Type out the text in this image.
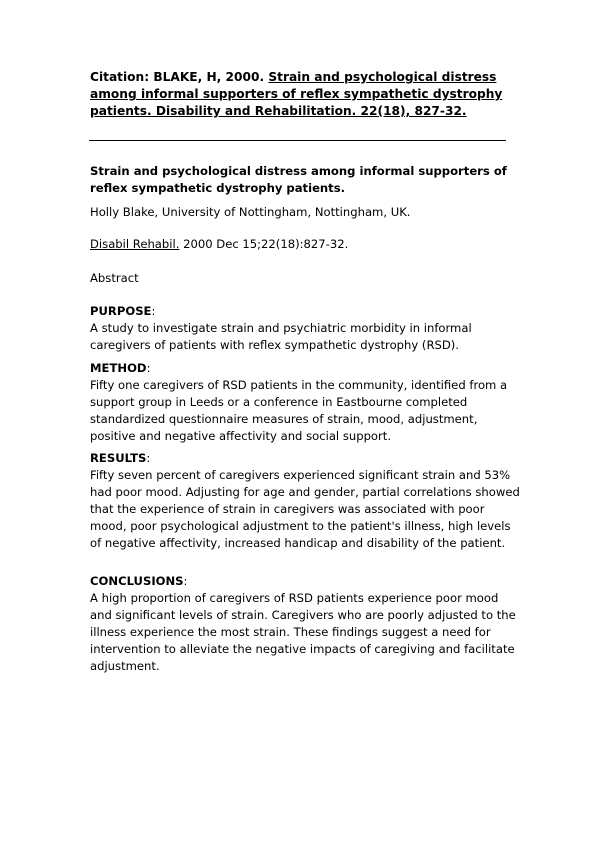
Citation: BLAKE, H, 2000. Strain and psychological distress among informal supporters of reflex sympathetic dystrophy patients. Disability and Rehabilitation. 22(18), 827-32.
Strain and psychological distress among informal supporters of reflex sympathetic dystrophy patients.
Holly Blake, University of Nottingham, Nottingham, UK.
Disabil Rehabil. 2000 Dec 15;22(18):827-32.
Abstract
PURPOSE:
A study to investigate strain and psychiatric morbidity in informal caregivers of patients with reflex sympathetic dystrophy (RSD).
METHOD:
Fifty one caregivers of RSD patients in the community, identified from a support group in Leeds or a conference in Eastbourne completed standardized questionnaire measures of strain, mood, adjustment, positive and negative affectivity and social support.
RESULTS:
Fifty seven percent of caregivers experienced significant strain and 53% had poor mood. Adjusting for age and gender, partial correlations showed that the experience of strain in caregivers was associated with poor mood, poor psychological adjustment to the patient's illness, high levels of negative affectivity, increased handicap and disability of the patient.
CONCLUSIONS:
A high proportion of caregivers of RSD patients experience poor mood and significant levels of strain. Caregivers who are poorly adjusted to the illness experience the most strain. These findings suggest a need for intervention to alleviate the negative impacts of caregiving and facilitate adjustment.
